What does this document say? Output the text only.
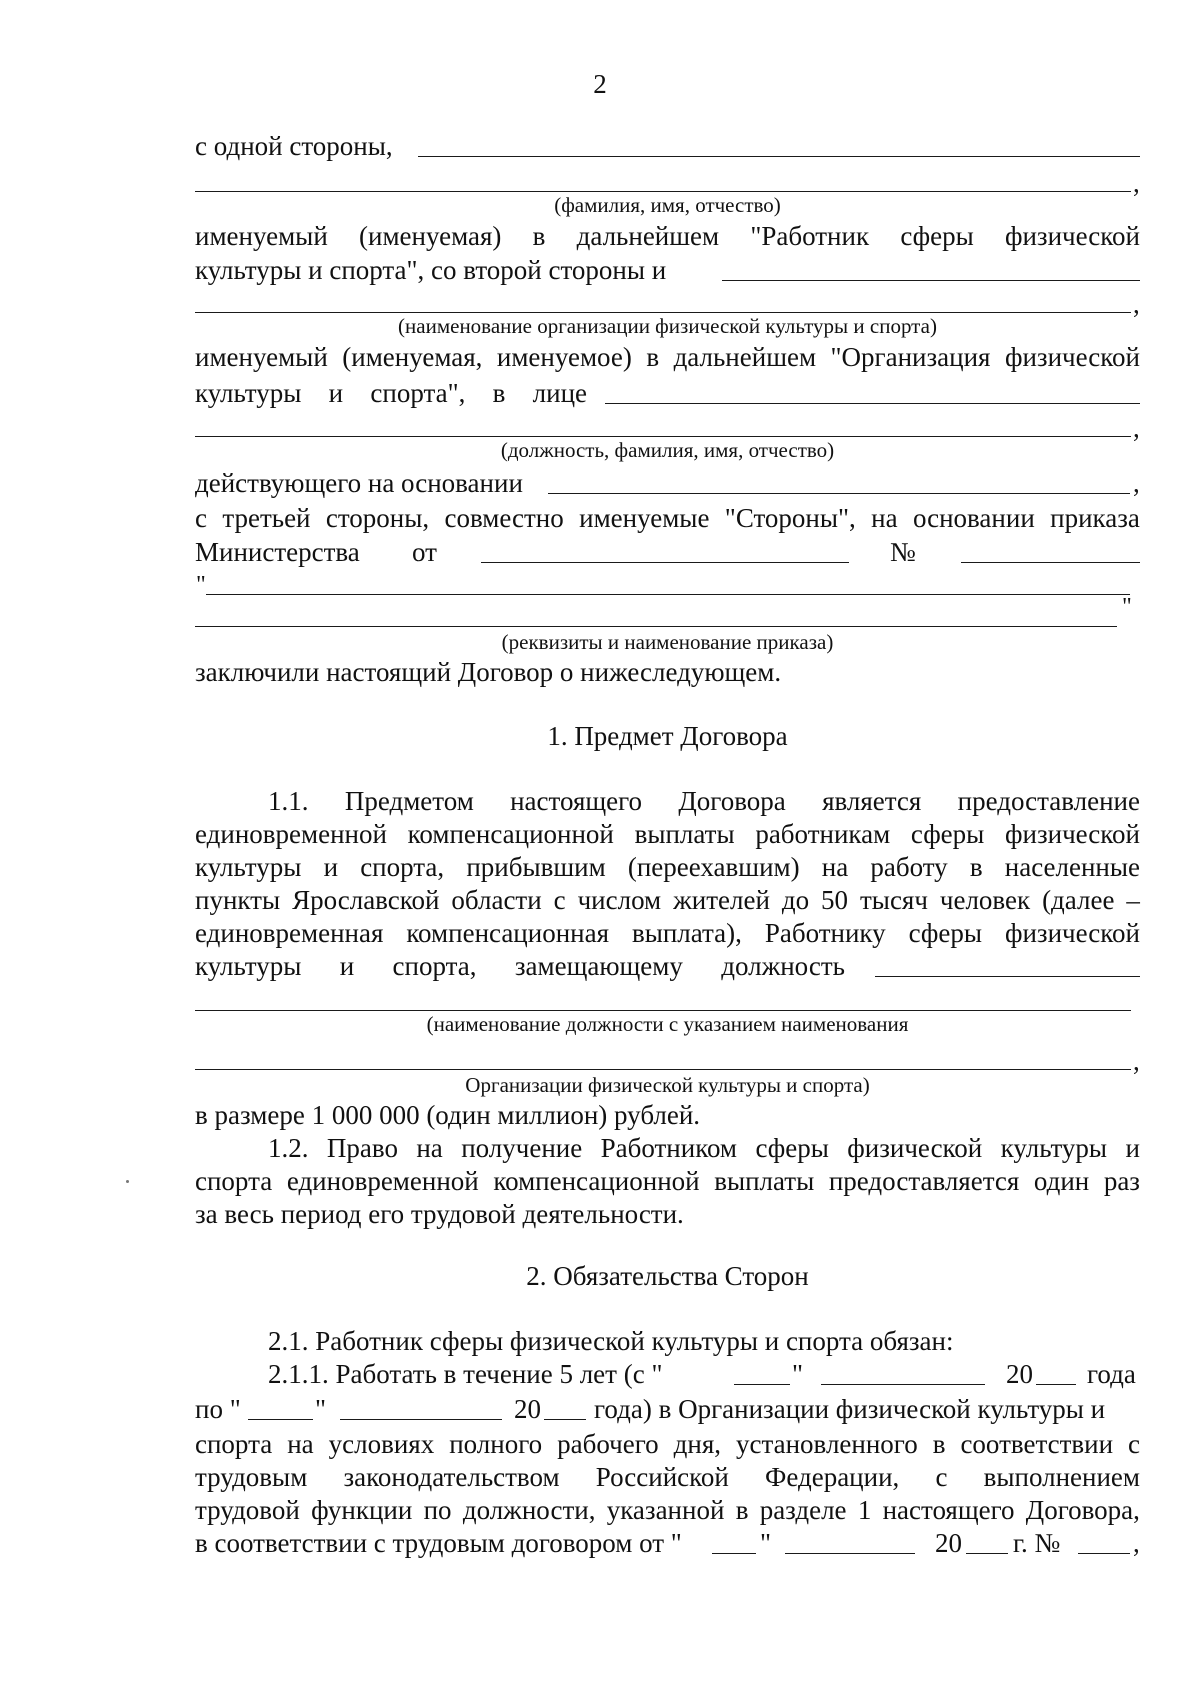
2
с одной стороны,
,
(фамилия, имя, отчество)
именуемый (именуемая) в дальнейшем "Работник сферы физической
культуры и спорта", со второй стороны и
,
(наименование организации физической культуры и спорта)
именуемый (именуемая, именуемое) в дальнейшем "Организация физической
культуры и спорта", в лице
,
(должность, фамилия, имя, отчество)
действующего на основании	,
с третьей стороны, совместно именуемые "Стороны", на основании приказа
Министерства от	№
"
"
(реквизиты и наименование приказа)
заключили настоящий Договор о нижеследующем.
1. Предмет Договора
1.1. Предметом настоящего Договора является предоставление
единовременной компенсационной выплаты работникам сферы физической
культуры и спорта, прибывшим (переехавшим) на работу в населенные
пункты Ярославской области с числом жителей до 50 тысяч человек (далее –
единовременная компенсационная выплата), Работнику сферы физической
культуры и спорта, замещающему должность
(наименование должности с указанием наименования
,
Организации физической культуры и спорта)
в размере 1 000 000 (один миллион) рублей.
1.2. Право на получение Работником сферы физической культуры и
спорта единовременной компенсационной выплаты предоставляется один раз
за весь период его трудовой деятельности.
2. Обязательства Сторон
2.1. Работник сферы физической культуры и спорта обязан:
2.1.1. Работать в течение 5 лет (с "	"	20 года
по "	"	20 года) в Организации физической культуры и
спорта на условиях полного рабочего дня, установленного в соответствии с
трудовым законодательством Российской Федерации, с выполнением
трудовой функции по должности, указанной в разделе 1 настоящего Договора,
в соответствии с трудовым договором от "	"	20 г. №	,
